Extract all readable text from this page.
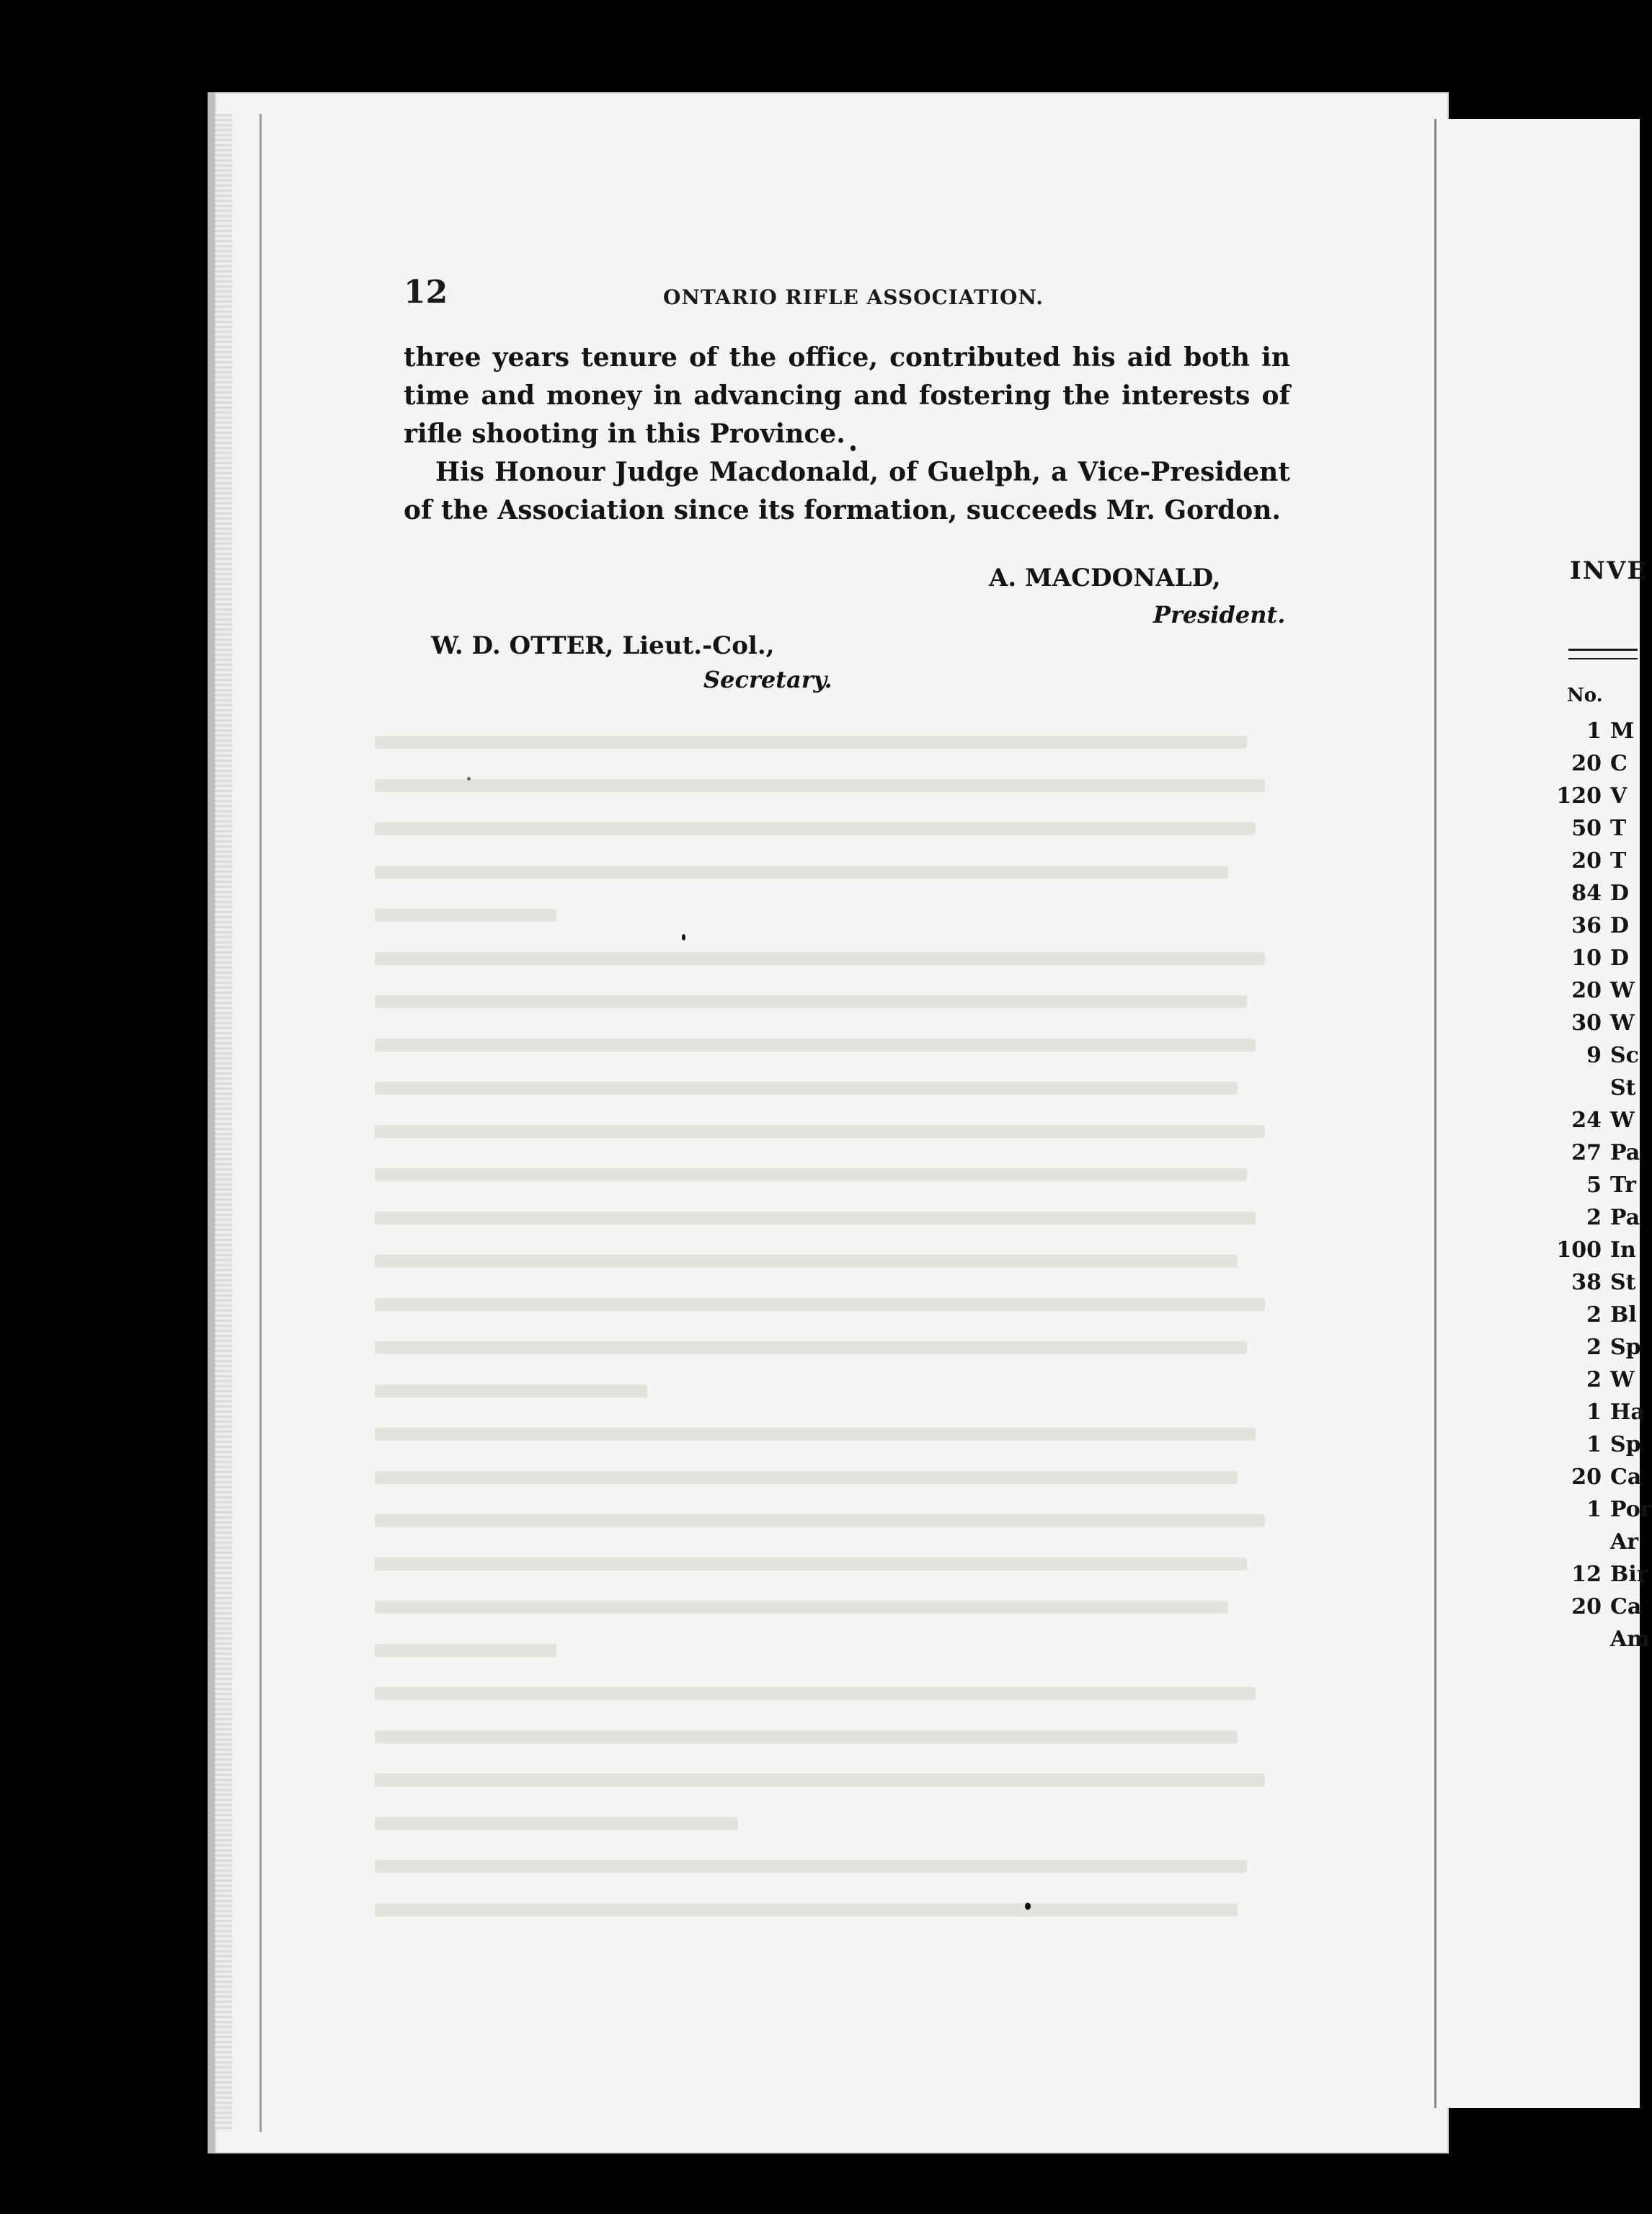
12	ONTARIO RIFLE ASSOCIATION.

three years tenure of the office, contributed his aid both in time and money in advancing and fostering the interests of rifle shooting in this Province.

His Honour Judge Macdonald, of Guelph, a Vice-President of the Association since its formation, succeeds Mr. Gordon.

A. MACDONALD,
President.
W. D. OTTER, Lieut.-Col.,
Secretary.
INVE
No.
1 M
20 C
120 V
50 T
20 T
84 D
36 D
10 D
20 W
30 W
9 Sc
St
24 W
27 Pa
5 Tr
2 Pa
100 In
38 St
2 Bl
2 Sp
2 W
1 Ha
1 Sp
20 Ca
1 Por
Ar
12 Bir
20 Ca
Am
